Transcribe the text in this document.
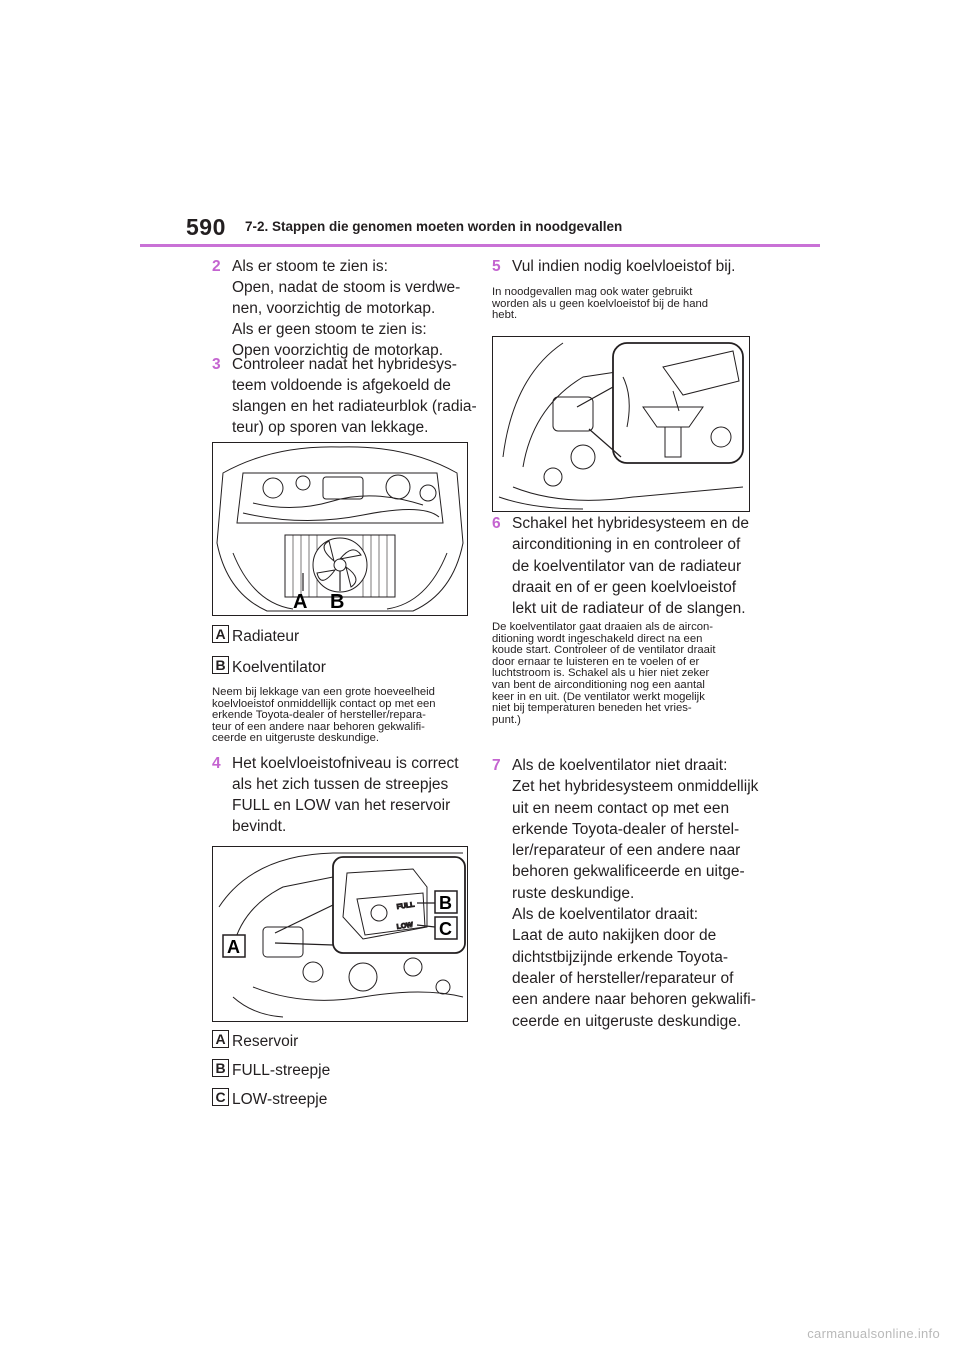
590 7-2. Stappen die genomen moeten worden in noodgevallen
2 Als er stoom te zien is:
Open, nadat de stoom is verdwe-
nen, voorzichtig de motorkap.
Als er geen stoom te zien is:
Open voorzichtig de motorkap.
3 Controleer nadat het hybridesys-
teem voldoende is afgekoeld de
slangen en het radiateurblok (radia-
teur) op sporen van lekkage.
A B
A Radiateur
B Koelventilator
Neem bij lekkage van een grote hoeveelheid
koelvloeistof onmiddellijk contact op met een
erkende Toyota-dealer of hersteller/repara-
teur of een andere naar behoren gekwalifi-
ceerde en uitgeruste deskundige.
4 Het koelvloeistofniveau is correct
als het zich tussen de streepjes
FULL en LOW van het reservoir
bevindt.
FULL
LOW
A
B
C
A Reservoir
B FULL-streepje
C LOW-streepje
5 Vul indien nodig koelvloeistof bij.
In noodgevallen mag ook water gebruikt
worden als u geen koelvloeistof bij de hand
hebt.
6 Schakel het hybridesysteem en de
airconditioning in en controleer of
de koelventilator van de radiateur
draait en of er geen koelvloeistof
lekt uit de radiateur of de slangen.
De koelventilator gaat draaien als de aircon-
ditioning wordt ingeschakeld direct na een
koude start. Controleer of de ventilator draait
door ernaar te luisteren en te voelen of er
luchtstroom is. Schakel als u hier niet zeker
van bent de airconditioning nog een aantal
keer in en uit. (De ventilator werkt mogelijk
niet bij temperaturen beneden het vries-
punt.)
7 Als de koelventilator niet draait:
Zet het hybridesysteem onmiddellijk
uit en neem contact op met een
erkende Toyota-dealer of herstel-
ler/reparateur of een andere naar
behoren gekwalificeerde en uitge-
ruste deskundige.
Als de koelventilator draait:
Laat de auto nakijken door de
dichtstbijzijnde erkende Toyota-
dealer of hersteller/reparateur of
een andere naar behoren gekwalifi-
ceerde en uitgeruste deskundige.
carmanualsonline.info
